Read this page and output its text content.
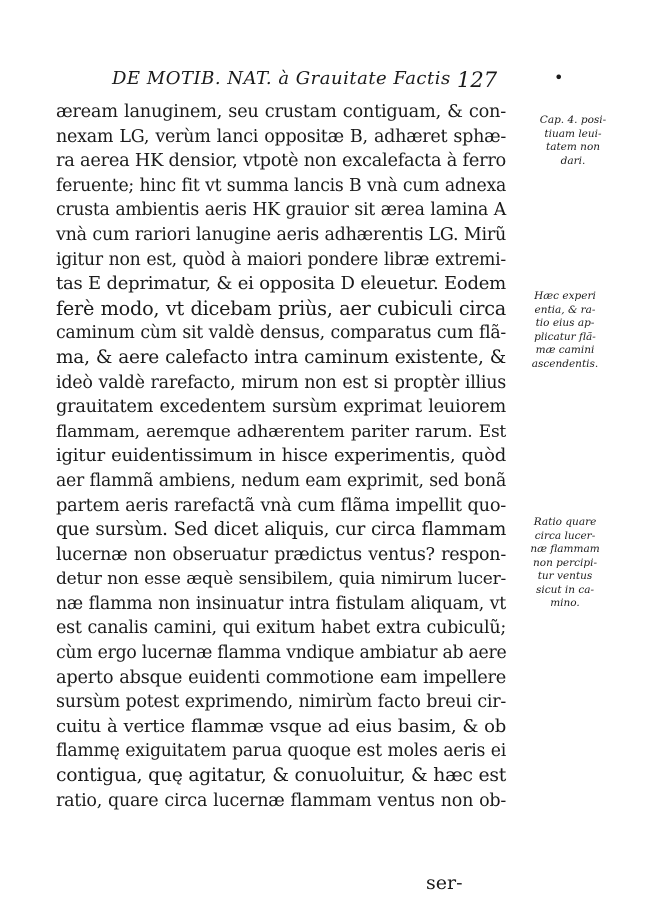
DE MOTIB. NAT. à Grauitate Factis 127	•
æream lanuginem, seu crustam contiguam, & con-
nexam LG, verùm lanci oppositæ B, adhæret sphæ-
ra aerea HK densior, vtpotè non excalefacta à ferro
feruente; hinc fit vt summa lancis B vnà cum adnexa
crusta ambientis aeris HK grauior sit ærea lamina A
vnà cum rariori lanugine aeris adhærentis LG. Mirũ
igitur non est, quòd à maiori pondere libræ extremi-
tas E deprimatur, & ei opposita D eleuetur. Eodem
ferè modo, vt dicebam priùs, aer cubiculi circa
caminum cùm sit valdè densus, comparatus cum flã-
ma, & aere calefacto intra caminum existente, &
ideò valdè rarefacto, mirum non est si proptèr illius
grauitatem excedentem sursùm exprimat leuiorem
flammam, aeremque adhærentem pariter rarum. Est
igitur euidentissimum in hisce experimentis, quòd
aer flammã ambiens, nedum eam exprimit, sed bonã
partem aeris rarefactã vnà cum flãma impellit quo-
que sursùm. Sed dicet aliquis, cur circa flammam
lucernæ non obseruatur prædictus ventus? respon-
detur non esse æquè sensibilem, quia nimirum lucer-
næ flamma non insinuatur intra fistulam aliquam, vt
est canalis camini, qui exitum habet extra cubiculũ;
cùm ergo lucernæ flamma vndique ambiatur ab aere
aperto absque euidenti commotione eam impellere
sursùm potest exprimendo, nimirùm facto breui cir-
cuitu à vertice flammæ vsque ad eius basim, & ob
flammę exiguitatem parua quoque est moles aeris ei
contigua, quę agitatur, & conuoluitur, & hæc est
ratio, quare circa lucernæ flammam ventus non ob-
ser-
Cap. 4. posi-
tiuam leui-
tatem non
dari.
Hæc experi
entia, & ra-
tio eius ap-
plicatur flã-
mæ camini
ascendentis.
Ratio quare
circa lucer-
næ flammam
non percipi-
tur ventus
sicut in ca-
mino.
